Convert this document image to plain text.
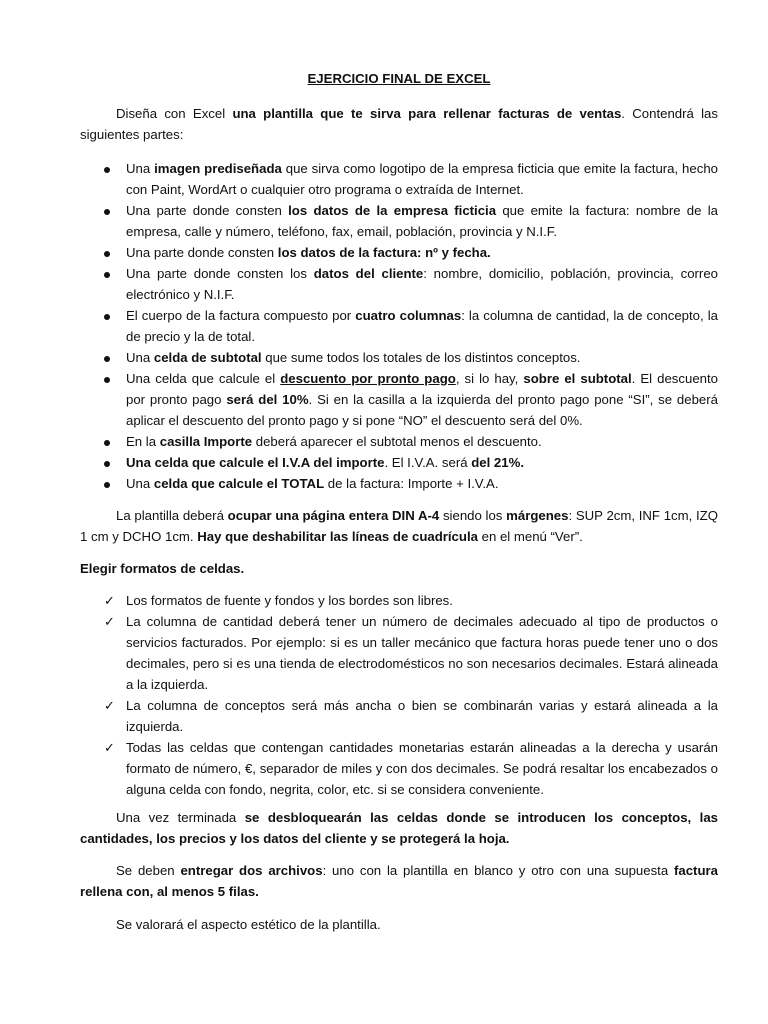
EJERCICIO FINAL DE EXCEL

Diseña con Excel una plantilla que te sirva para rellenar facturas de ventas. Contendrá las siguientes partes:

Una imagen prediseñada que sirva como logotipo de la empresa ficticia que emite la factura, hecho con Paint, WordArt o cualquier otro programa o extraída de Internet.
Una parte donde consten los datos de la empresa ficticia que emite la factura: nombre de la empresa, calle y número, teléfono, fax, email, población, provincia y N.I.F.
Una parte donde consten los datos de la factura: nº y fecha.
Una parte donde consten los datos del cliente: nombre, domicilio, población, provincia, correo electrónico y N.I.F.
El cuerpo de la factura compuesto por cuatro columnas: la columna de cantidad, la de concepto, la de precio y la de total.
Una celda de subtotal que sume todos los totales de los distintos conceptos.
Una celda que calcule el descuento por pronto pago, si lo hay, sobre el subtotal. El descuento por pronto pago será del 10%. Si en la casilla a la izquierda del pronto pago pone “SI”, se deberá aplicar el descuento del pronto pago y si pone “NO” el descuento será del 0%.
En la casilla Importe deberá aparecer el subtotal menos el descuento.
Una celda que calcule el I.V.A del importe. El I.V.A. será del 21%.
Una celda que calcule el TOTAL de la factura: Importe + I.V.A.

La plantilla deberá ocupar una página entera DIN A-4 siendo los márgenes: SUP 2cm, INF 1cm, IZQ 1 cm y DCHO 1cm. Hay que deshabilitar las líneas de cuadrícula en el menú “Ver”.

Elegir formatos de celdas.

✓ Los formatos de fuente y fondos y los bordes son libres.
✓ La columna de cantidad deberá tener un número de decimales adecuado al tipo de productos o servicios facturados. Por ejemplo: si es un taller mecánico que factura horas puede tener uno o dos decimales, pero si es una tienda de electrodomésticos no son necesarios decimales. Estará alineada a la izquierda.
✓ La columna de conceptos será más ancha o bien se combinarán varias y estará alineada a la izquierda.
✓ Todas las celdas que contengan cantidades monetarias estarán alineadas a la derecha y usarán formato de número, €, separador de miles y con dos decimales. Se podrá resaltar los encabezados o alguna celda con fondo, negrita, color, etc. si se considera conveniente.

Una vez terminada se desbloquearán las celdas donde se introducen los conceptos, las cantidades, los precios y los datos del cliente y se protegerá la hoja.

Se deben entregar dos archivos: uno con la plantilla en blanco y otro con una supuesta factura rellena con, al menos 5 filas.

Se valorará el aspecto estético de la plantilla.
